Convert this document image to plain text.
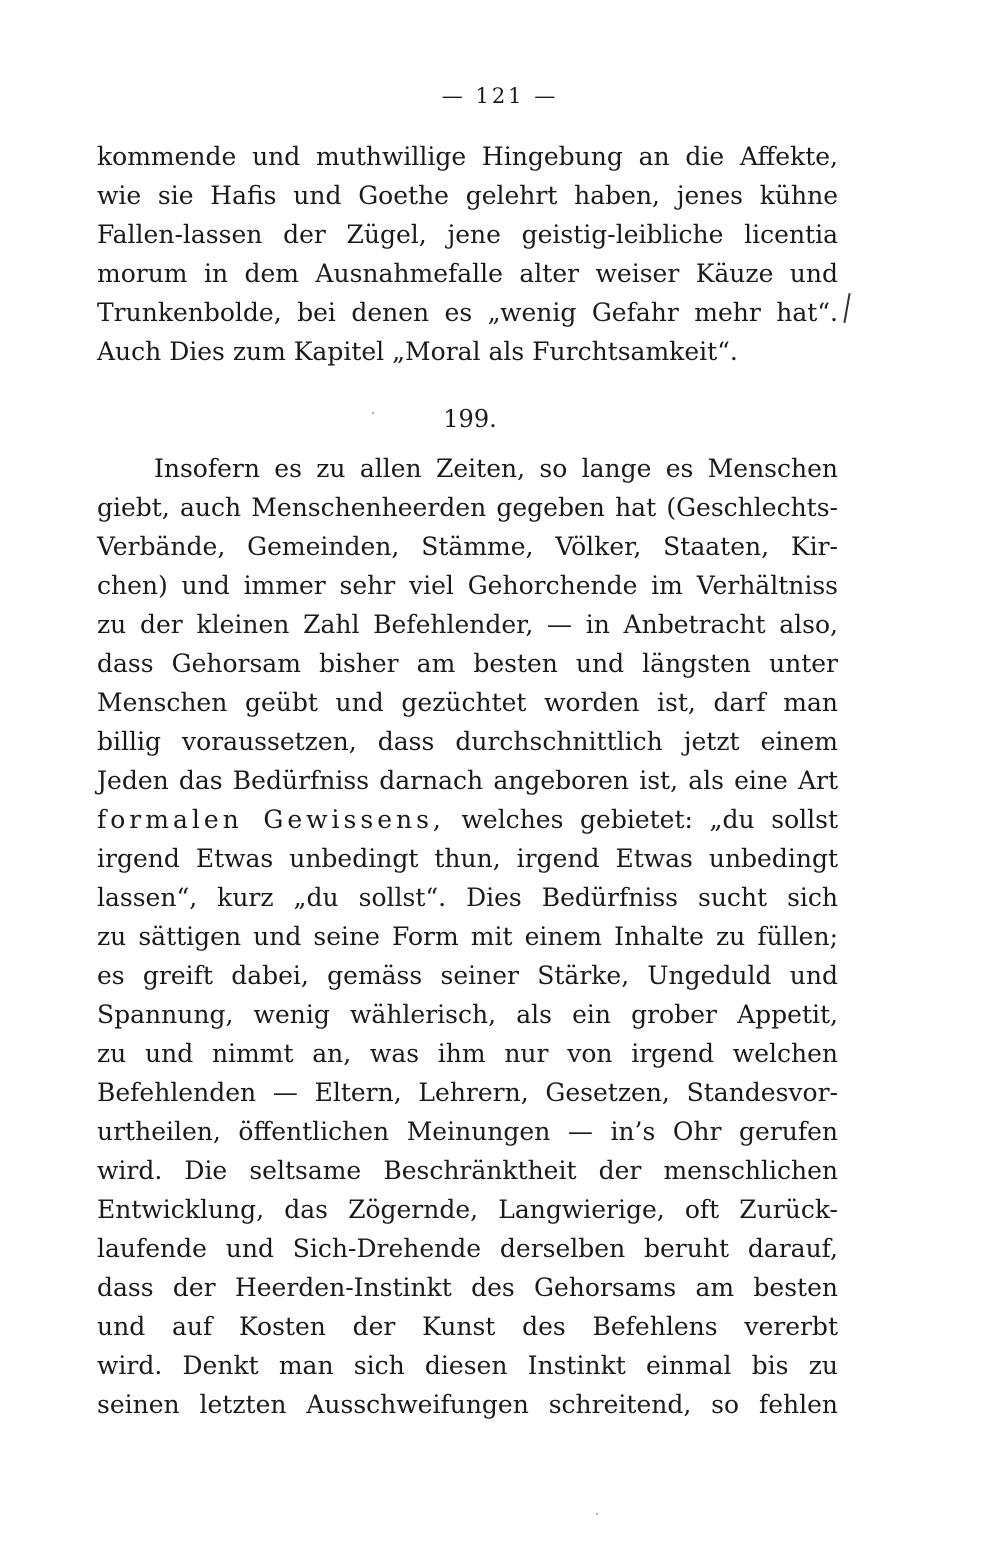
— 121 —
kommende und muthwillige Hingebung an die Affekte,
wie sie Hafis und Goethe gelehrt haben, jenes kühne
Fallen-lassen der Zügel, jene geistig-leibliche licentia
morum in dem Ausnahmefalle alter weiser Käuze und
Trunkenbolde, bei denen es „wenig Gefahr mehr hat“.
Auch Dies zum Kapitel „Moral als Furchtsamkeit“.
199.
Insofern es zu allen Zeiten, so lange es Menschen
giebt, auch Menschenheerden gegeben hat (Geschlechts-
Verbände, Gemeinden, Stämme, Völker, Staaten, Kir-
chen) und immer sehr viel Gehorchende im Verhältniss
zu der kleinen Zahl Befehlender, — in Anbetracht also,
dass Gehorsam bisher am besten und längsten unter
Menschen geübt und gezüchtet worden ist, darf man
billig voraussetzen, dass durchschnittlich jetzt einem
Jeden das Bedürfniss darnach angeboren ist, als eine Art
formalen Gewissens, welches gebietet: „du sollst
irgend Etwas unbedingt thun, irgend Etwas unbedingt
lassen“, kurz „du sollst“. Dies Bedürfniss sucht sich
zu sättigen und seine Form mit einem Inhalte zu füllen;
es greift dabei, gemäss seiner Stärke, Ungeduld und
Spannung, wenig wählerisch, als ein grober Appetit,
zu und nimmt an, was ihm nur von irgend welchen
Befehlenden — Eltern, Lehrern, Gesetzen, Standesvor-
urtheilen, öffentlichen Meinungen — in’s Ohr gerufen
wird. Die seltsame Beschränktheit der menschlichen
Entwicklung, das Zögernde, Langwierige, oft Zurück-
laufende und Sich-Drehende derselben beruht darauf,
dass der Heerden-Instinkt des Gehorsams am besten
und auf Kosten der Kunst des Befehlens vererbt
wird. Denkt man sich diesen Instinkt einmal bis zu
seinen letzten Ausschweifungen schreitend, so fehlen
